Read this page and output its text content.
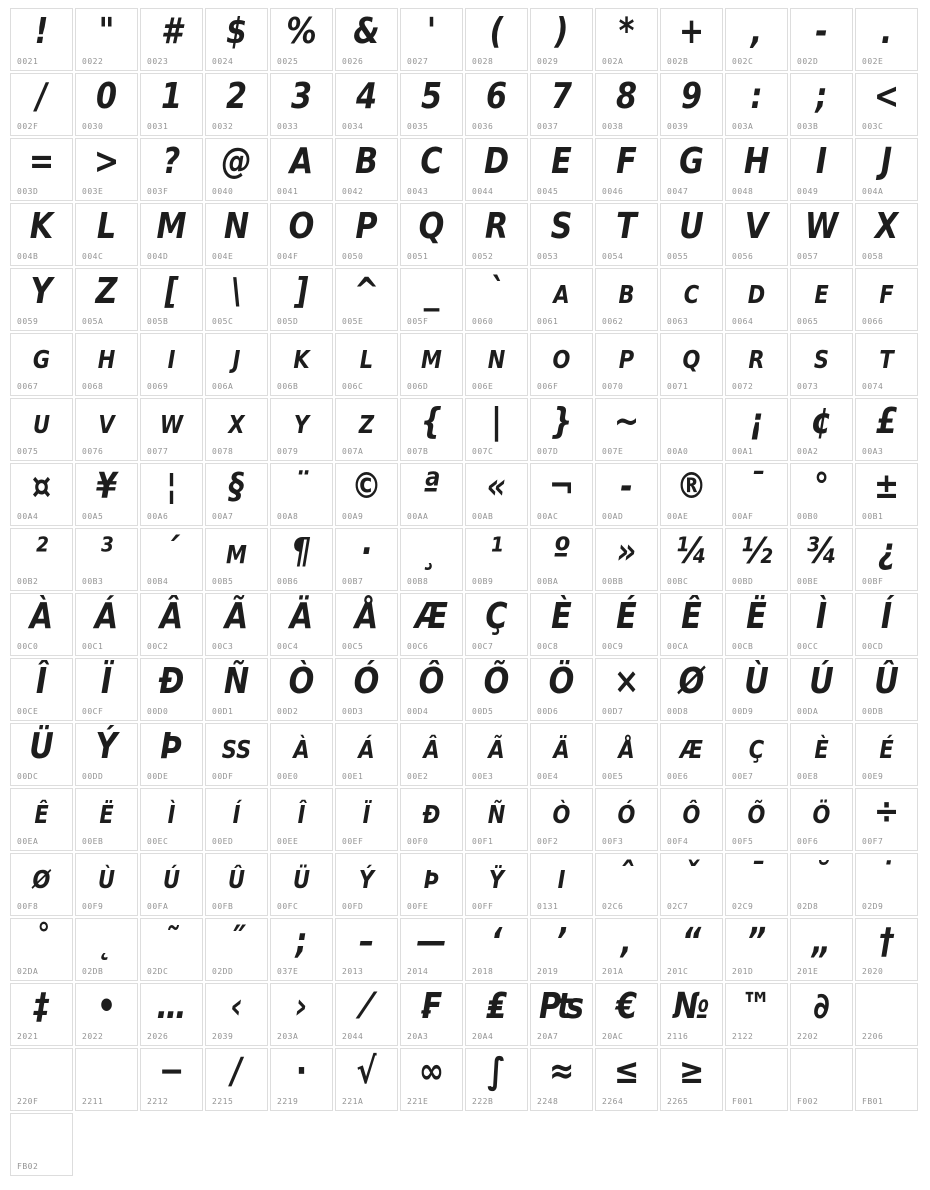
!
0021
"
0022
#
0023
$
0024
%
0025
&
0026
'
0027
(
0028
)
0029
*
002A
+
002B
,
002C
-
002D
.
002E
/
002F
0
0030
1
0031
2
0032
3
0033
4
0034
5
0035
6
0036
7
0037
8
0038
9
0039
:
003A
;
003B
<
003C
=
003D
>
003E
?
003F
@
0040
A
0041
B
0042
C
0043
D
0044
E
0045
F
0046
G
0047
H
0048
I
0049
J
004A
K
004B
L
004C
M
004D
N
004E
O
004F
P
0050
Q
0051
R
0052
S
0053
T
0054
U
0055
V
0056
W
0057
X
0058
Y
0059
Z
005A
[
005B
\
005C
]
005D
^
005E
_
005F
`
0060
a
0061
b
0062
c
0063
d
0064
e
0065
f
0066
g
0067
h
0068
i
0069
j
006A
k
006B
l
006C
m
006D
n
006E
o
006F
p
0070
q
0071
r
0072
s
0073
t
0074
u
0075
v
0076
w
0077
x
0078
y
0079
z
007A
{
007B
|
007C
}
007D
~
007E	00A0
¡
00A1
¢
00A2
£
00A3
¤
00A4
¥
00A5
¦
00A6
§
00A7
¨
00A8
©
00A9
ª
00AA
«
00AB
¬
00AC
-
00AD
®
00AE
¯
00AF
°
00B0
±
00B1
²
00B2
³
00B3
´
00B4
µ
00B5
¶
00B6
·
00B7
¸
00B8
¹
00B9
º
00BA
»
00BB
¼
00BC
½
00BD
¾
00BE
¿
00BF
À
00C0
Á
00C1
Â
00C2
Ã
00C3
Ä
00C4
Å
00C5
Æ
00C6
Ç
00C7
È
00C8
É
00C9
Ê
00CA
Ë
00CB
Ì
00CC
Í
00CD
Î
00CE
Ï
00CF
Ð
00D0
Ñ
00D1
Ò
00D2
Ó
00D3
Ô
00D4
Õ
00D5
Ö
00D6
×
00D7
Ø
00D8
Ù
00D9
Ú
00DA
Û
00DB
Ü
00DC
Ý
00DD
Þ
00DE
ß
00DF
à
00E0
á
00E1
â
00E2
ã
00E3
ä
00E4
å
00E5
æ
00E6
ç
00E7
è
00E8
é
00E9
ê
00EA
ë
00EB
ì
00EC
í
00ED
î
00EE
ï
00EF
ð
00F0
ñ
00F1
ò
00F2
ó
00F3
ô
00F4
õ
00F5
ö
00F6
÷
00F7
ø
00F8
ù
00F9
ú
00FA
û
00FB
ü
00FC
ý
00FD
þ
00FE
ÿ
00FF
ı
0131
ˆ
02C6
ˇ
02C7
ˉ
02C9
˘
02D8
˙
02D9
˚
02DA
˛
02DB
˜
02DC
˝
02DD
;
037E
–
2013
—
2014
‘
2018
’
2019
‚
201A
“
201C
”
201D
„
201E
†
2020
‡
2021
•
2022
…
2026
‹
2039
›
203A
⁄
2044
₣
20A3
₤
20A4
₧
20A7
€
20AC
№
2116
™
2122
∂
2202	2206
220F	2211
−
2212
∕
2215
∙
2219
√
221A
∞
221E
∫
222B
≈
2248
≤
2264
≥
2265	F001	F002	FB01
FB02
